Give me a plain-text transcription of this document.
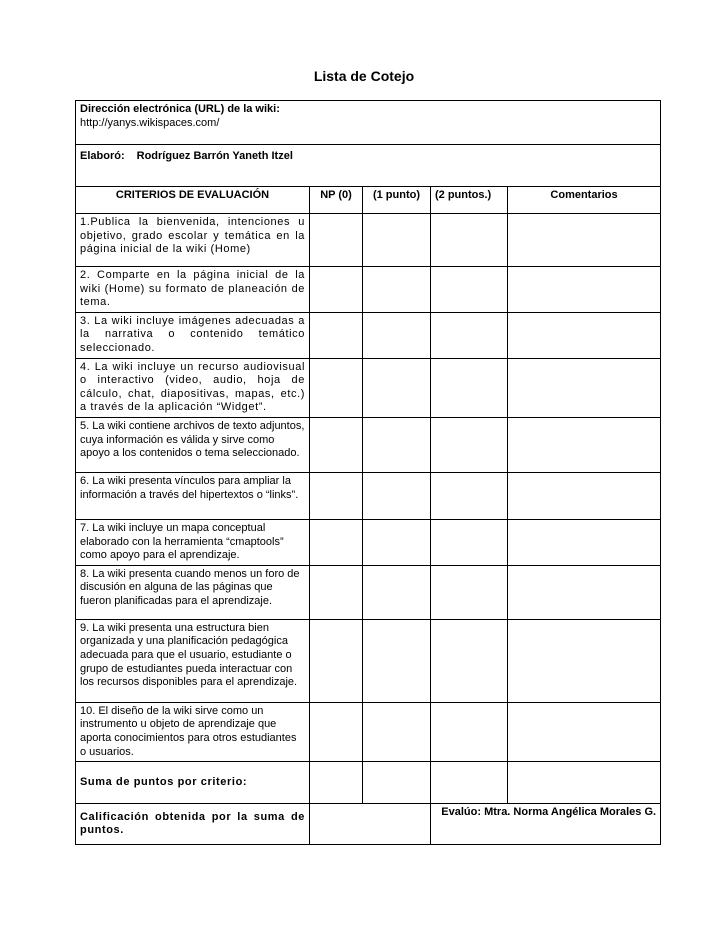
Lista de Cotejo
Dirección electrónica (URL) de la wiki:
http://yanys.wikispaces.com/				

Elaboró: Rodríguez Barrón Yaneth Itzel				
CRITERIOS DE EVALUACIÓN	NP (0)	(1 punto)	(2 puntos.)	Comentarios
1.Publica la bienvenida, intenciones u objetivo, grado escolar y temática en la página inicial de la wiki (Home)				
2. Comparte en la página inicial de la wiki (Home) su formato de planeación de tema.				
3. La wiki incluye imágenes adecuadas a la narrativa o contenido temático seleccionado.				
4. La wiki incluye un recurso audiovisual o interactivo (video, audio, hoja de cálculo, chat, diapositivas, mapas, etc.) a través de la aplicación “Widget”.				
5. La wiki contiene archivos de texto adjuntos, cuya información es válida y sirve como apoyo a los contenidos o tema seleccionado.				
6. La wiki presenta vínculos para ampliar la información a través del hipertextos o “links”.				
7. La wiki incluye un mapa conceptual elaborado con la herramienta “cmaptools” como apoyo para el aprendizaje.				
8. La wiki presenta cuando menos un foro de discusión en alguna de las páginas que fueron planificadas para el aprendizaje.				
9. La wiki presenta una estructura bien organizada y una planificación pedagógica adecuada para que el usuario, estudiante o grupo de estudiantes pueda interactuar con los recursos disponibles para el aprendizaje.				
10. El diseño de la wiki sirve como un instrumento u objeto de aprendizaje que aporta conocimientos para otros estudiantes o usuarios.				
Suma de puntos por criterio:				
Calificación obtenida por la suma de puntos.			Evalúo: Mtra. Norma Angélica Morales G.	
